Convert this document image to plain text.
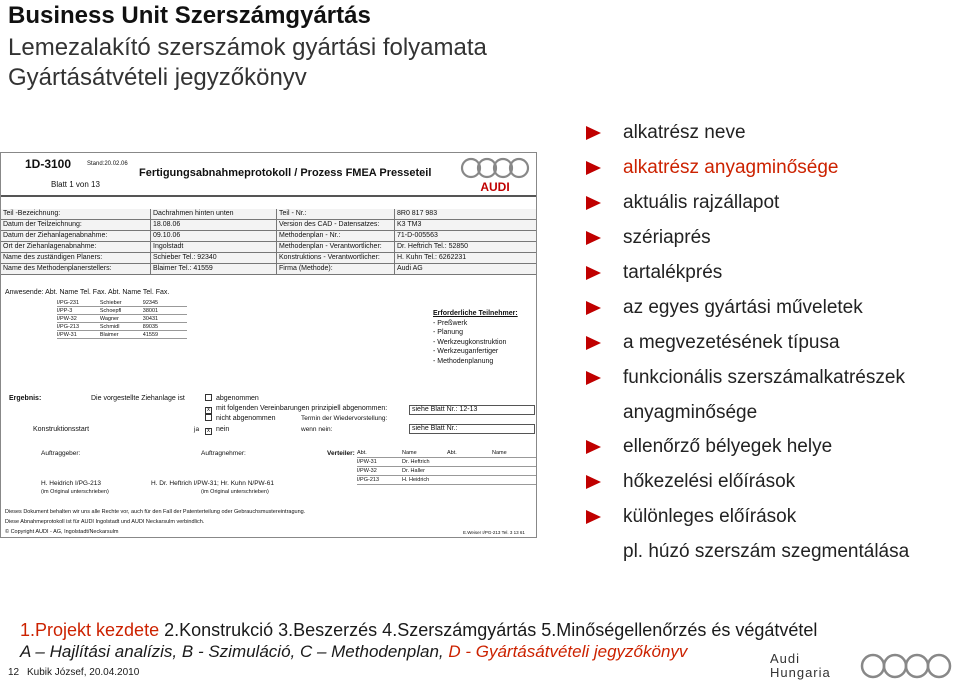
Business Unit Szerszámgyártás
Lemezalakító szerszámok gyártási folyamata
Gyártásátvételi jegyzőkönyv
1D-3100	Stand:20.02.06
Blatt 1 von 13
Fertigungsabnahmeprotokoll / Prozess FMEA Presseteil
AUDI
Teil -Bezeichnung:	Dachrahmen hinten unten	Teil - Nr.:	8R0 817 983
Datum der Teilzeichnung:	18.08.06	Version des CAD - Datensatzes:	K3 TM3
Datum der Ziehanlagenabnahme:	09.10.06	Methodenplan - Nr.:	71-D-005563
Ort der Ziehanlagenabnahme:	Ingolstadt	Methodenplan - Verantwortlicher:	Dr. Heftrich Tel.: 52850
Name des zuständigen Planers:	Schieber Tel.: 92340	Konstruktions - Verantwortlicher:	H. Kuhn Tel.: 6262231
Name des Methodenplanerstellers:	Blaimer Tel.: 41559	Firma (Methode):	Audi AG
Anwesende: Abt. Name Tel. Fax. Abt. Name Tel. Fax.
I/PG-231	Schieber	92345
I/PP-3	Schoepfl	38001
I/PW-32	Wagner	30431
I/PG-213	Schmidl	89035
I/PW-31	Blaimer	41559
Erforderliche Teilnehmer:
- Preßwerk
- Planung
- Werkzeugkonstruktion
- Werkzeuganfertiger
- Methodenplanung
Ergebnis:	Die vorgestellte Ziehanlage ist	abgenommen
x mit folgenden Vereinbarungen prinzipiell abgenommen:
nicht abgenommen	Termin der Wiedervorstellung:
Konstruktionsstart	ja	x nein	wenn nein:
siehe Blatt Nr.: 12-13
siehe Blatt Nr.:
Auftraggeber:	Auftragnehmer:	Verteiler: Abt.	Name	Abt.	Name
I/PW-31	Dr. Heftrich
I/PW-32	Dr. Haller
I/PG-213	H. Heidrich
H. Heidrich I/PG-213
(im Original unterschrieben)
H. Dr. Heftrich I/PW-31; Hr. Kuhn N/PW-61
(im Original unterschrieben)
Dieses Dokument behalten wir uns alle Rechte vor, auch für den Fall der Patenterteilung oder Gebrauchsmustereintragung.
Diese Abnahmeprotokoll ist für AUDI Ingolstadt und AUDI Neckarsulm verbindlich.
© Copyright AUDI - AG, Ingolstadt/Neckarsulm	E.Weiser I/PG-213 Tel. 3 13 61
alkatrész neve
alkatrész anyagminősége
aktuális rajzállapot
szériaprés
tartalékprés
az egyes gyártási műveletek
a megvezetésének típusa
funkcionális szerszámalkatrészek
anyagminősége
ellenőrző bélyegek helye
hőkezelési előírások
különleges előírások
pl. húzó szerszám szegmentálása
1.Projekt kezdete 2.Konstrukció 3.Beszerzés 4.Szerszámgyártás 5.Minőségellenőrzés és végátvétel
A – Hajlítási analízis, B - Szimuláció, C – Methodenplan, D - Gyártásátvételi jegyzőkönyv
12 Kubik József, 20.04.2010
Audi
Hungaria
